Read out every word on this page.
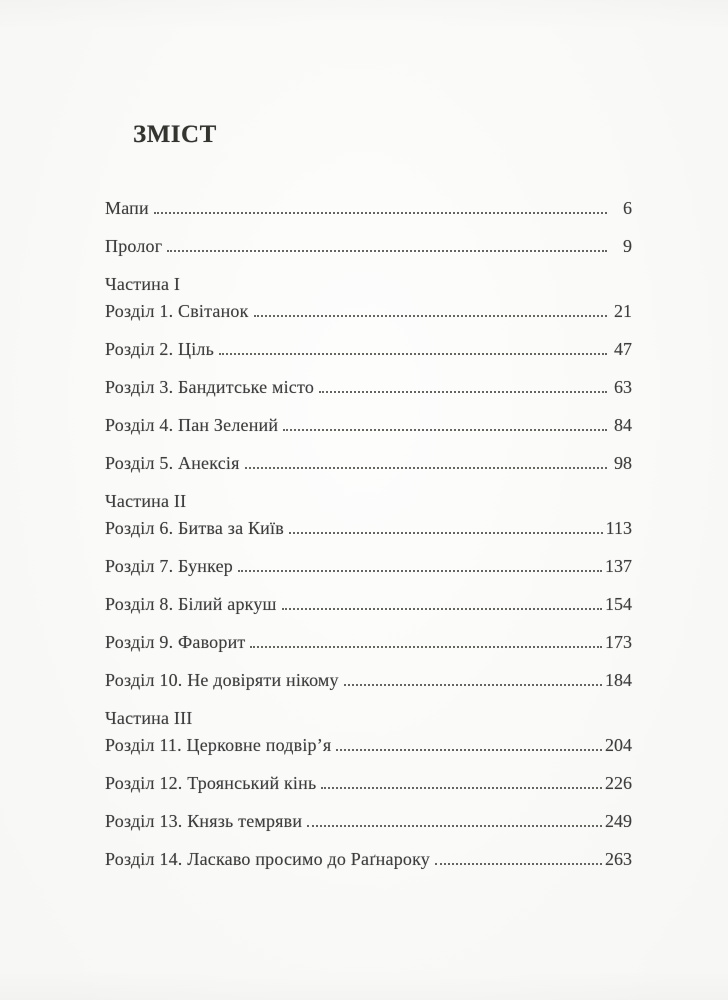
ЗМІСТ
Мапи	6
Пролог	9
Частина I
Розділ 1. Світанок	21
Розділ 2. Ціль	47
Розділ 3. Бандитське місто	63
Розділ 4. Пан Зелений	84
Розділ 5. Анексія	98
Частина II
Розділ 6. Битва за Київ	113
Розділ 7. Бункер	137
Розділ 8. Білий аркуш	154
Розділ 9. Фаворит	173
Розділ 10. Не довіряти нікому	184
Частина III
Розділ 11. Церковне подвір’я	204
Розділ 12. Троянський кінь	226
Розділ 13. Князь темряви	249
Розділ 14. Ласкаво просимо до Раґнароку	263
